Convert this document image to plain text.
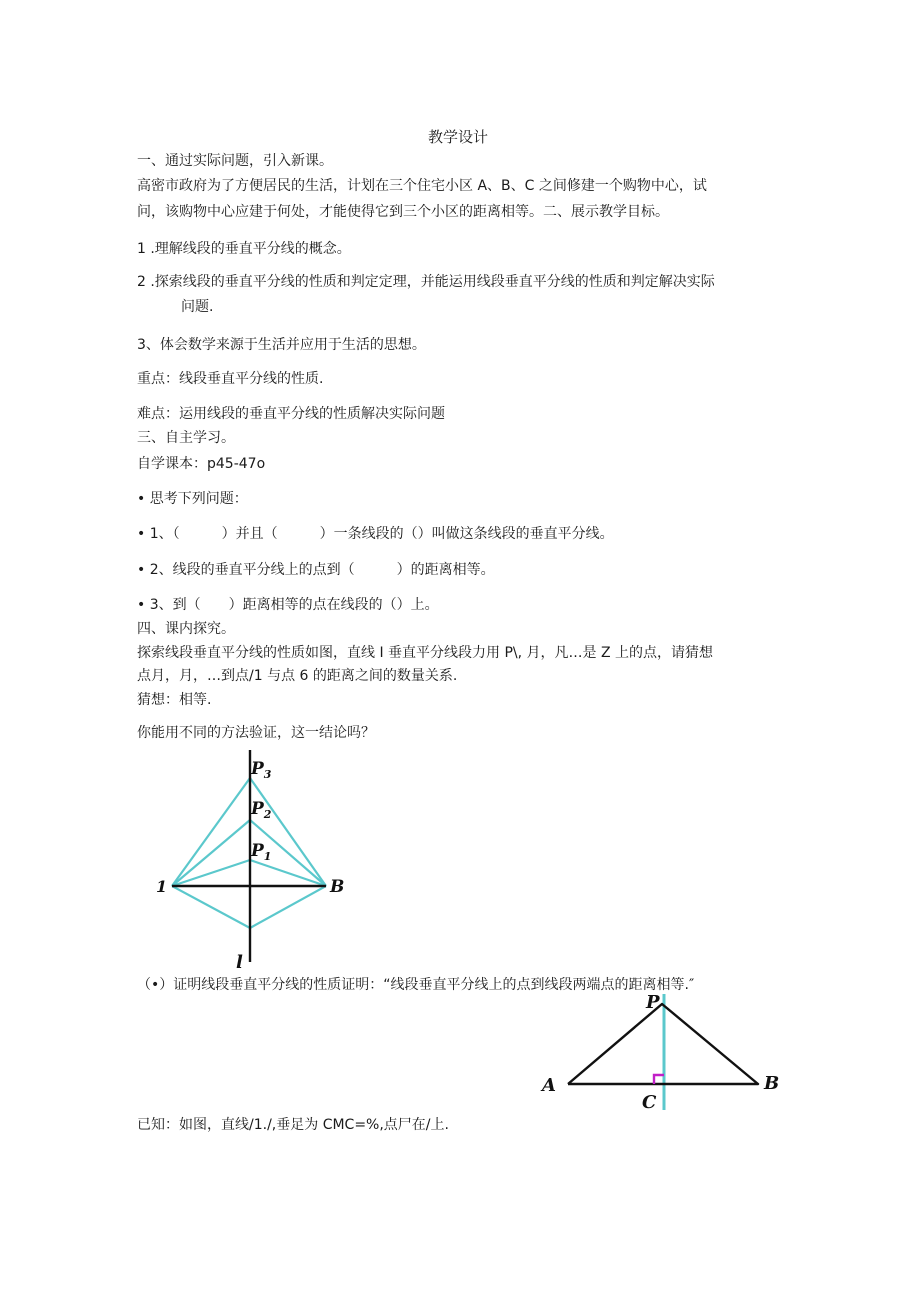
教学设计
一、通过实际问题，引入新课。
高密市政府为了方便居民的生活，计划在三个住宅小区 A、B、C 之间修建一个购物中心，试
问，该购物中心应建于何处，才能使得它到三个小区的距离相等。二、展示教学目标。
1 .理解线段的垂直平分线的概念。
2 .探索线段的垂直平分线的性质和判定定理，并能运用线段垂直平分线的性质和判定解决实际
问题.
3、体会数学来源于生活并应用于生活的思想。
重点：线段垂直平分线的性质.
难点：运用线段的垂直平分线的性质解决实际问题
三、自主学习。
自学课本：p45-47o
• 思考下列问题：
• 1、（　　　）并且（　　　）一条线段的（）叫做这条线段的垂直平分线。
• 2、线段的垂直平分线上的点到（　　　）的距离相等。
• 3、到（　　）距离相等的点在线段的（）上。
四、课内探究。
探索线段垂直平分线的性质如图，直线 I 垂直平分线段力用 P\, 月，凡…是 Z 上的点，请猜想
点月，月，…到点/1 与点 6 的距离之间的数量关系.
猜想：相等.
你能用不同的方法验证，这一结论吗？
$P_3$
$P_2$
$P_1$
1	B
l
（•）证明线段垂直平分线的性质证明：“线段垂直平分线上的点到线段两端点的距离相等.″
P
A	B
C
已知：如图，直线/1./,垂足为 CMC=%,点尸在/上.
